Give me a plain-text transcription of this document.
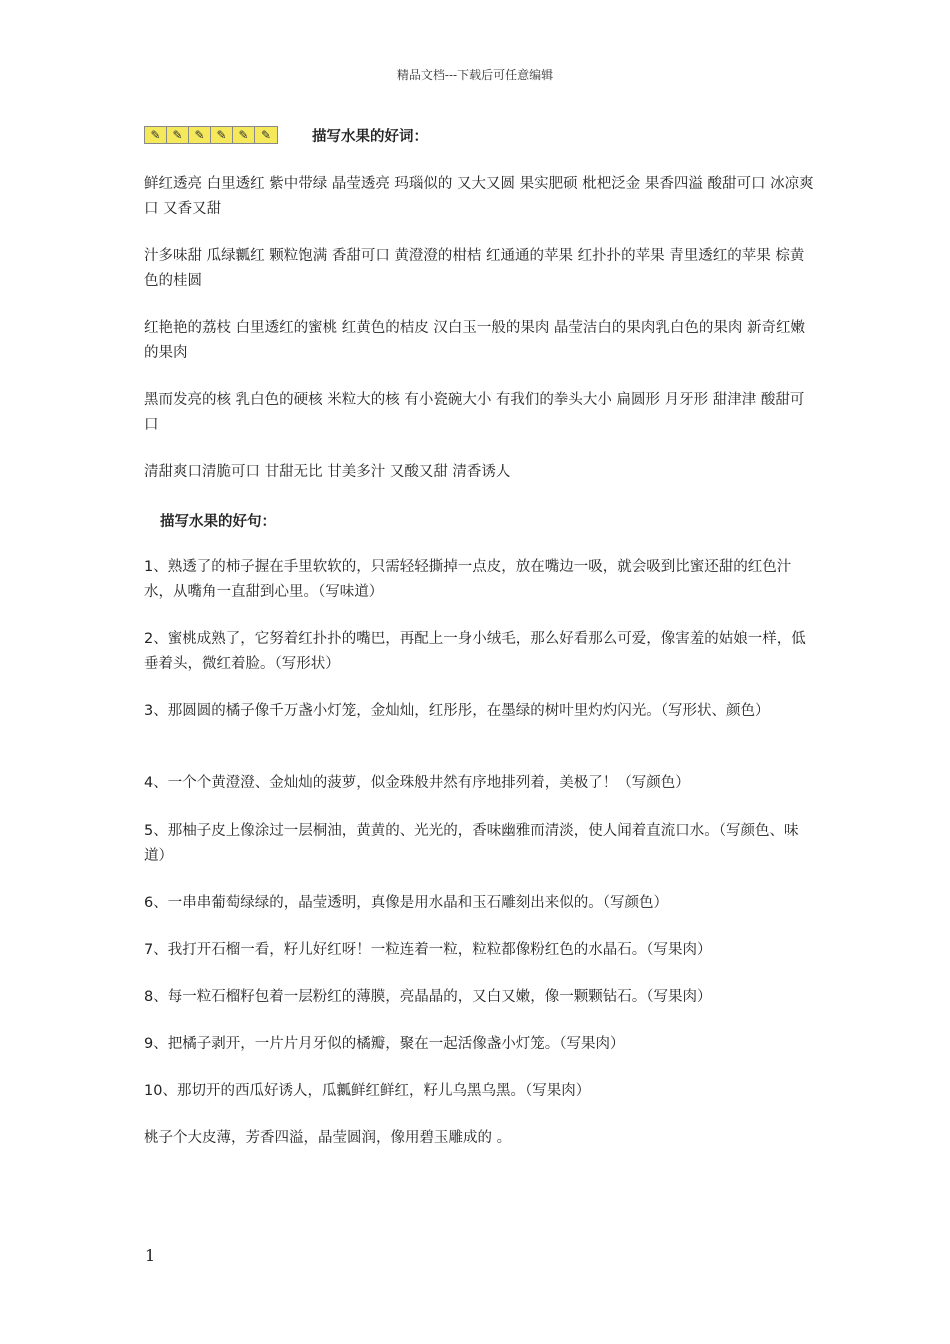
精品文档---下载后可任意编辑
✎ ✎ ✎ ✎ ✎	✎	描写水果的好词：

鲜红透亮 白里透红 紫中带绿 晶莹透亮 玛瑙似的 又大又圆 果实肥硕 枇杷泛金 果香四溢 酸甜可口 冰凉爽口 又香又甜

汁多味甜 瓜绿瓤红 颗粒饱满 香甜可口 黄澄澄的柑桔 红通通的苹果 红扑扑的苹果 青里透红的苹果 棕黄色的桂圆

红艳艳的荔枝 白里透红的蜜桃 红黄色的桔皮 汉白玉一般的果肉 晶莹洁白的果肉乳白色的果肉 新奇红嫩的果肉

黑而发亮的核 乳白色的硬核 米粒大的核 有小瓷碗大小 有我们的拳头大小 扁圆形 月牙形 甜津津 酸甜可口

清甜爽口清脆可口 甘甜无比 甘美多汁 又酸又甜 清香诱人

描写水果的好句：

1、熟透了的柿子握在手里软软的，只需轻轻撕掉一点皮，放在嘴边一吸，就会吸到比蜜还甜的红色汁水，从嘴角一直甜到心里。（写味道）

2、蜜桃成熟了，它努着红扑扑的嘴巴，再配上一身小绒毛，那么好看那么可爱，像害羞的姑娘一样，低垂着头，微红着脸。（写形状）

3、那圆圆的橘子像千万盏小灯笼，金灿灿，红彤彤，在墨绿的树叶里灼灼闪光。（写形状、颜色）

4、一个个黄澄澄、金灿灿的菠萝，似金珠般井然有序地排列着，美极了！（写颜色）

5、那柚子皮上像涂过一层桐油，黄黄的、光光的，香味幽雅而清淡，使人闻着直流口水。（写颜色、味道）

6、一串串葡萄绿绿的，晶莹透明，真像是用水晶和玉石雕刻出来似的。（写颜色）

7、我打开石榴一看，籽儿好红呀！一粒连着一粒，粒粒都像粉红色的水晶石。（写果肉）

8、每一粒石榴籽包着一层粉红的薄膜，亮晶晶的，又白又嫩，像一颗颗钻石。（写果肉）

9、把橘子剥开，一片片月牙似的橘瓣，聚在一起活像盏小灯笼。（写果肉）

10、那切开的西瓜好诱人，瓜瓤鲜红鲜红，籽儿乌黑乌黑。（写果肉）

桃子个大皮薄，芳香四溢，晶莹圆润，像用碧玉雕成的 。

1
